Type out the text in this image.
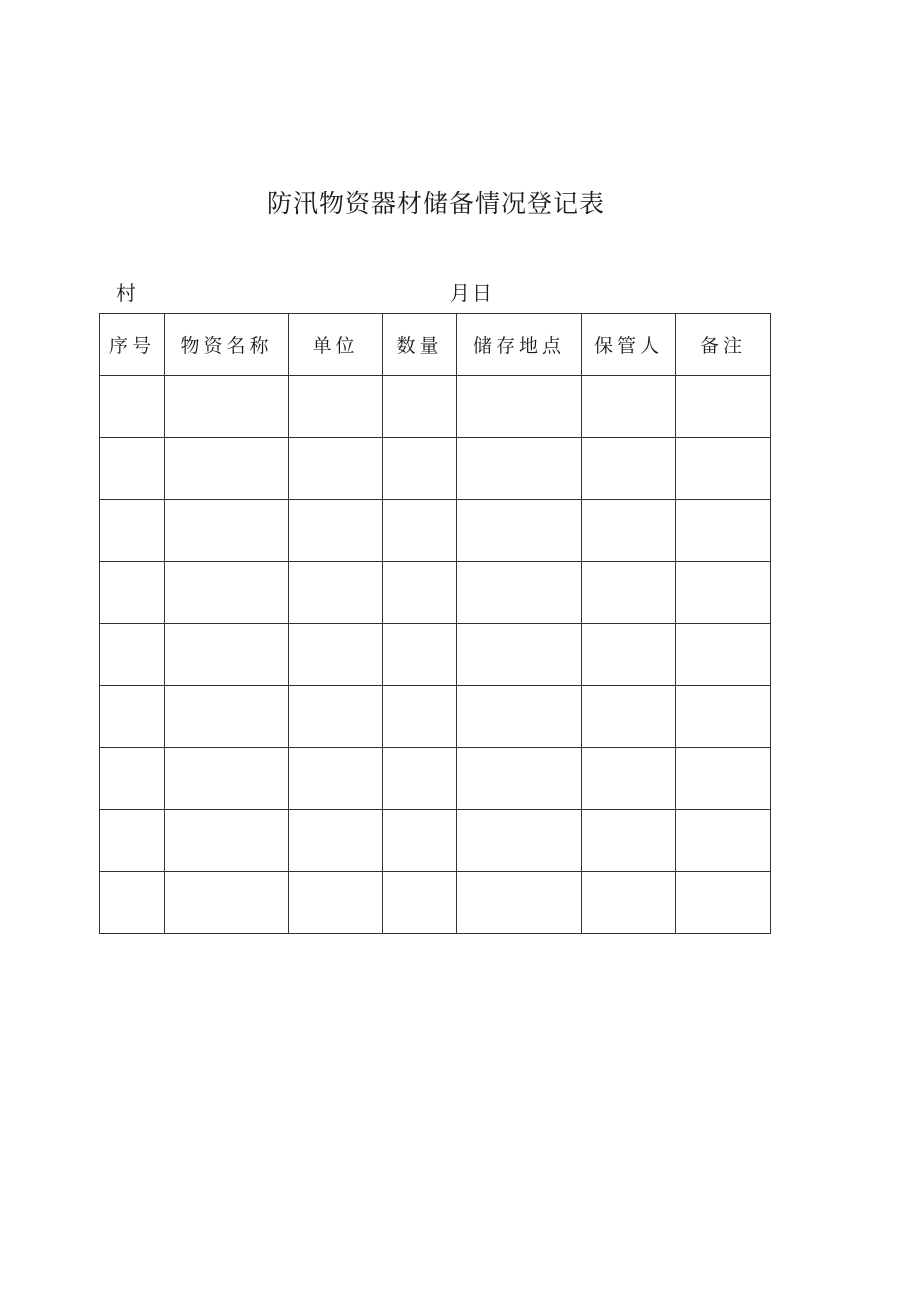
防汛物资器材储备情况登记表
村	月日
序号	物资名称	单位	数量	储存地点	保管人	备注
